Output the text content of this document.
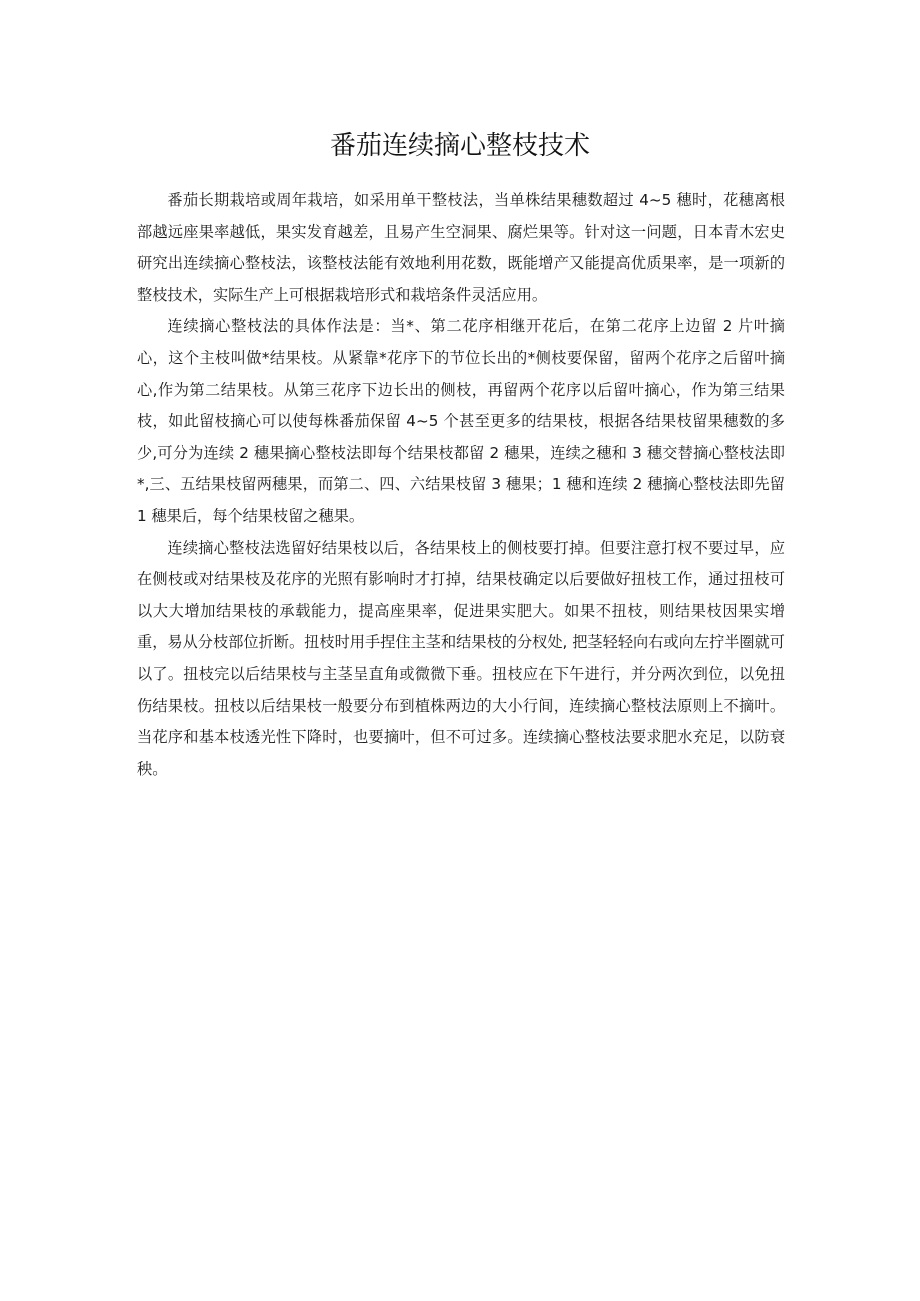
番茄连续摘心整枝技术

番茄长期栽培或周年栽培，如采用单干整枝法，当单株结果穗数超过 4~5 穗时，花穗离根部越远座果率越低，果实发育越差，且易产生空洞果、腐烂果等。针对这一问题，日本青木宏史研究出连续摘心整枝法，该整枝法能有效地利用花数，既能增产又能提高优质果率，是一项新的整枝技术，实际生产上可根据栽培形式和栽培条件灵活应用。

连续摘心整枝法的具体作法是：当*、第二花序相继开花后，在第二花序上边留 2 片叶摘心，这个主枝叫做*结果枝。从紧靠*花序下的节位长出的*侧枝要保留，留两个花序之后留叶摘心,作为第二结果枝。从第三花序下边长出的侧枝，再留两个花序以后留叶摘心，作为第三结果枝，如此留枝摘心可以使每株番茄保留 4~5 个甚至更多的结果枝，根据各结果枝留果穗数的多少,可分为连续 2 穗果摘心整枝法即每个结果枝都留 2 穗果，连续之穗和 3 穗交替摘心整枝法即*,三、五结果枝留两穗果，而第二、四、六结果枝留 3 穗果；1 穗和连续 2 穗摘心整枝法即先留 1 穗果后，每个结果枝留之穗果。

连续摘心整枝法选留好结果枝以后，各结果枝上的侧枝要打掉。但要注意打杈不要过早，应在侧枝或对结果枝及花序的光照有影响时才打掉，结果枝确定以后要做好扭枝工作，通过扭枝可以大大增加结果枝的承载能力，提高座果率，促进果实肥大。如果不扭枝，则结果枝因果实增重，易从分枝部位折断。扭枝时用手捏住主茎和结果枝的分杈处, 把茎轻轻向右或向左拧半圈就可以了。扭枝完以后结果枝与主茎呈直角或微微下垂。扭枝应在下午进行，并分两次到位，以免扭伤结果枝。扭枝以后结果枝一般要分布到植株两边的大小行间，连续摘心整枝法原则上不摘叶。当花序和基本枝透光性下降时，也要摘叶，但不可过多。连续摘心整枝法要求肥水充足，以防衰秧。
